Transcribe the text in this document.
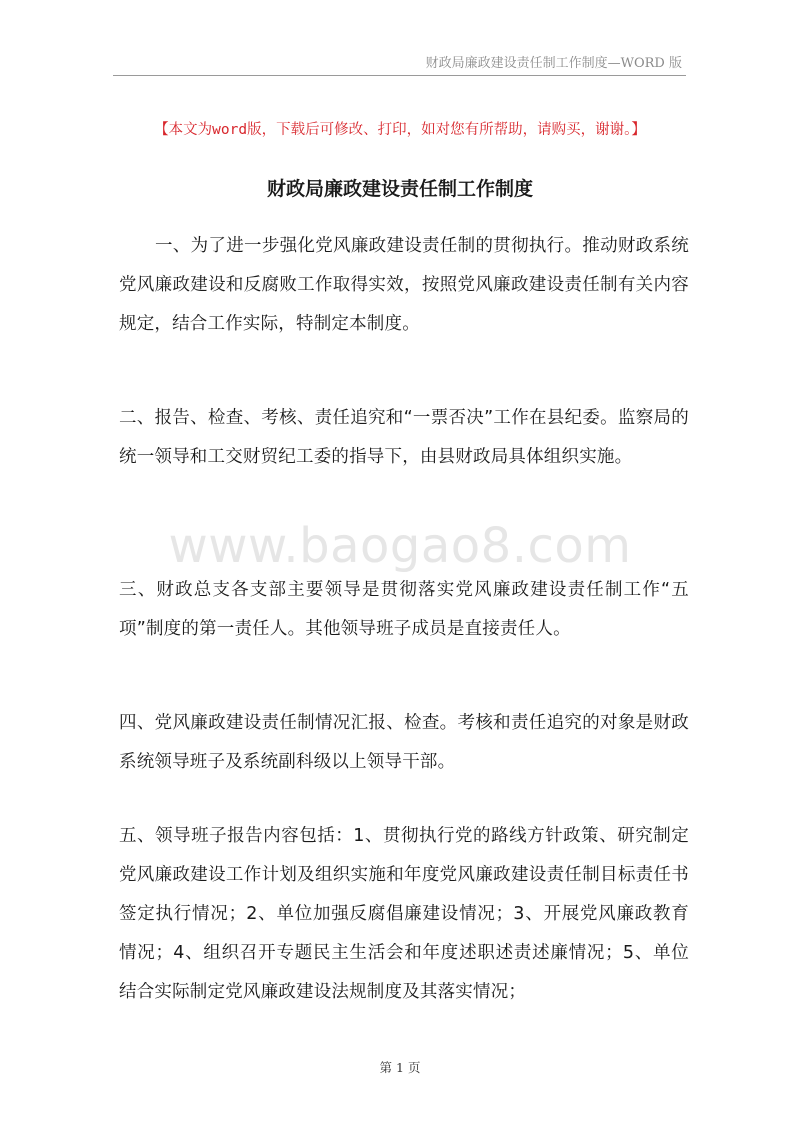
财政局廉政建设责任制工作制度—WORD 版
【本文为word版，下载后可修改、打印，如对您有所帮助，请购买，谢谢。】
财政局廉政建设责任制工作制度
www.baogao8.com
一、为了进一步强化党风廉政建设责任制的贯彻执行。推动财政系统党风廉政建设和反腐败工作取得实效，按照党风廉政建设责任制有关内容规定，结合工作实际，特制定本制度。
二、报告、检查、考核、责任追究和“一票否决”工作在县纪委。监察局的统一领导和工交财贸纪工委的指导下，由县财政局具体组织实施。
三、财政总支各支部主要领导是贯彻落实党风廉政建设责任制工作“五项”制度的第一责任人。其他领导班子成员是直接责任人。
四、党风廉政建设责任制情况汇报、检查。考核和责任追究的对象是财政系统领导班子及系统副科级以上领导干部。
五、领导班子报告内容包括：1、贯彻执行党的路线方针政策、研究制定党风廉政建设工作计划及组织实施和年度党风廉政建设责任制目标责任书签定执行情况；2、单位加强反腐倡廉建设情况；3、开展党风廉政教育情况；4、组织召开专题民主生活会和年度述职述责述廉情况；5、单位结合实际制定党风廉政建设法规制度及其落实情况；
第 1 页
